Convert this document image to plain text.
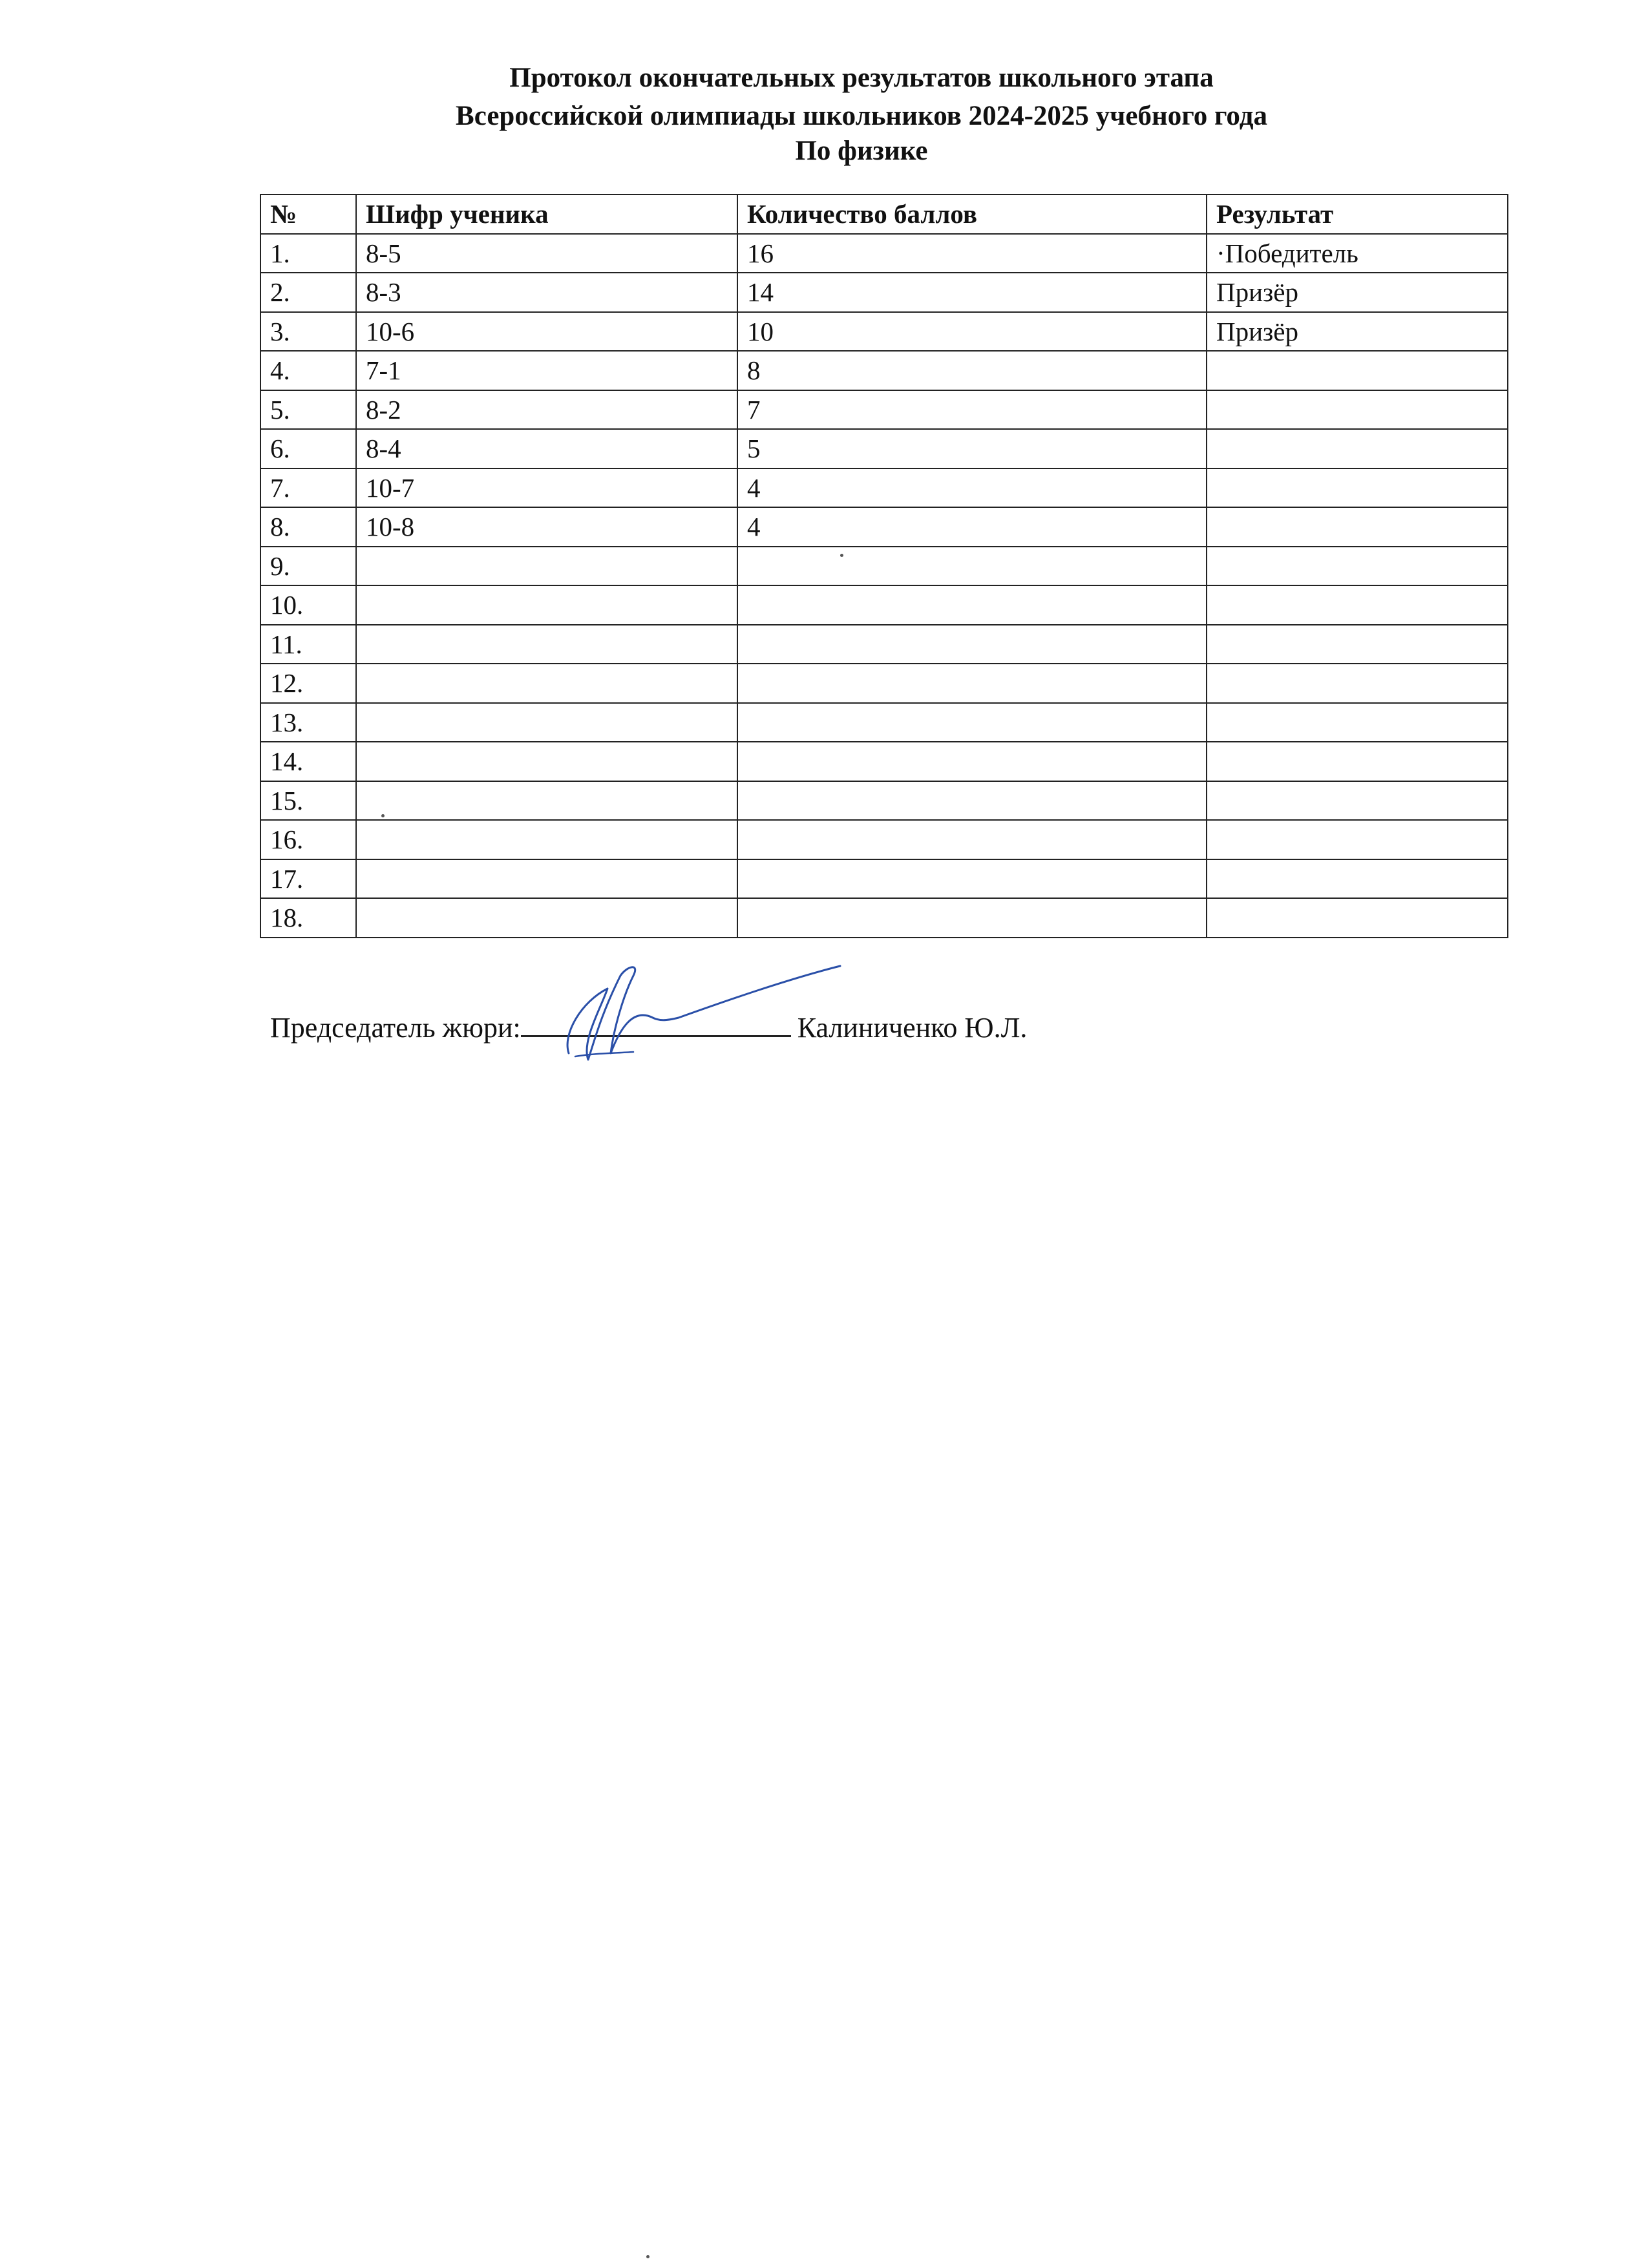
Протокол окончательных результатов школьного этапа
Всероссийской олимпиады школьников 2024-2025 учебного года
По физике
№	Шифр ученика	Количество баллов	Результат
1.	8-5	16	·Победитель
2.	8-3	14	Призёр
3.	10-6	10	Призёр
4.	7-1	8	
5.	8-2	7	
6.	8-4	5	
7.	10-7	4	
8.	10-8	4	
9.			
10.			
11.			
12.			
13.			
14.			
15.			
16.			
17.			
18.			
Председатель жюри:	Калиниченко Ю.Л.
